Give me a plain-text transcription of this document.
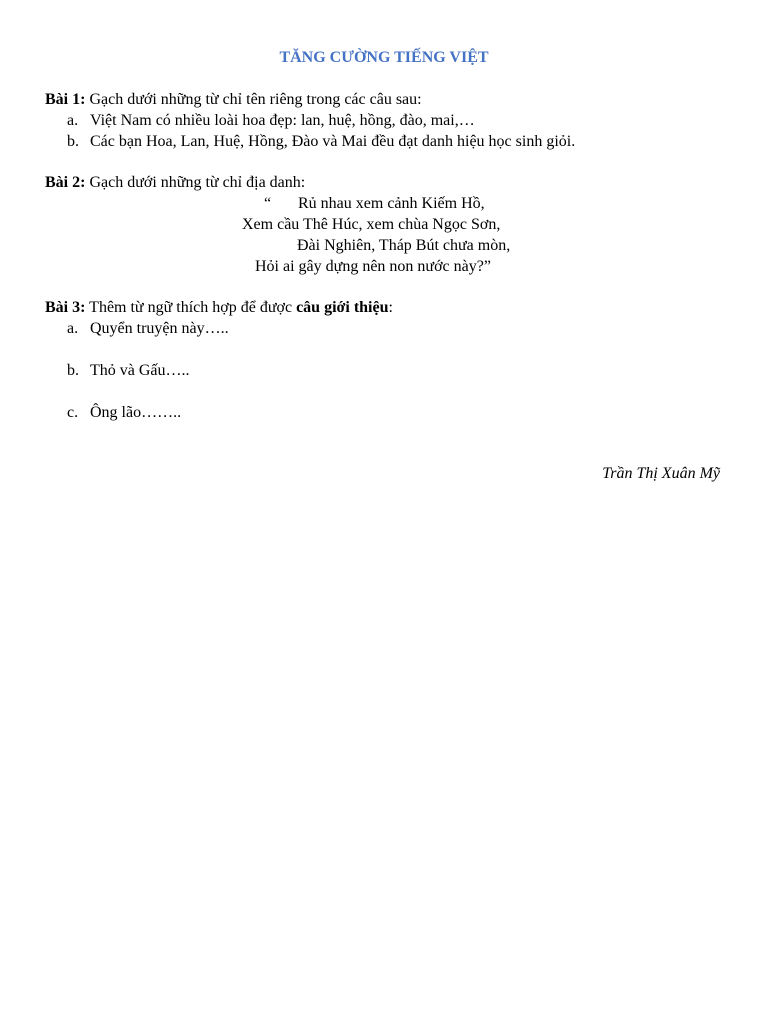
TĂNG CƯỜNG TIẾNG VIỆT
Bài 1: Gạch dưới những từ chỉ tên riêng trong các câu sau:
a. Việt Nam có nhiều loài hoa đẹp: lan, huệ, hồng, đào, mai,…
b. Các bạn Hoa, Lan, Huệ, Hồng, Đào và Mai đều đạt danh hiệu học sinh giỏi.
Bài 2: Gạch dưới những từ chỉ địa danh:
“ Rủ nhau xem cảnh Kiếm Hồ,
Xem cầu Thê Húc, xem chùa Ngọc Sơn,
Đài Nghiên, Tháp Bút chưa mòn,
Hỏi ai gây dựng nên non nước này?”
Bài 3: Thêm từ ngữ thích hợp để được câu giới thiệu:
a. Quyển truyện này…..
b. Thỏ và Gấu…..
c. Ông lão……..
Trần Thị Xuân Mỹ
